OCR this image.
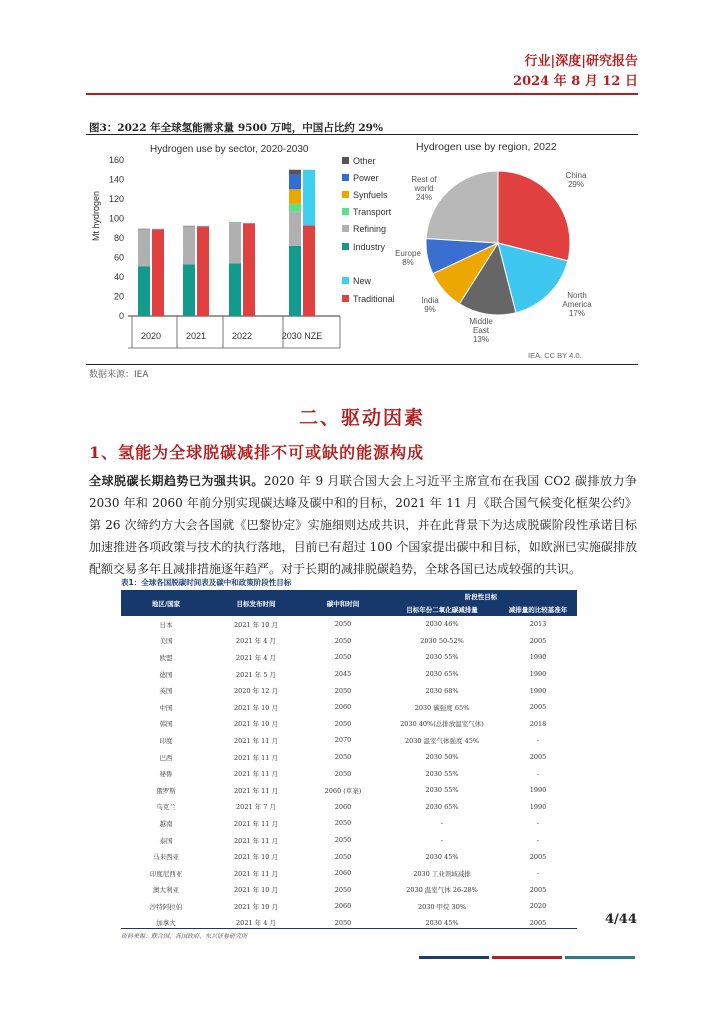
行业|深度|研究报告
2024 年 8 月 12 日
图3：2022 年全球氢能需求量 9500 万吨，中国占比约 29%
Hydrogen use by sector, 2020-2030
Mt hydrogen
0
20
40
60
80
100
120
140
160
2020	2021	2022	2030 NZE
Other
Power
Synfuels
Transport
Refining
Industry
New
Traditional
Hydrogen use by region, 2022
China
29%
North America
17%
Middle East
13%
India
9%
Europe
8%
Rest of world
24%
IEA. CC BY 4.0.
数据来源：IEA
二、驱动因素
1、氢能为全球脱碳减排不可或缺的能源构成
全球脱碳长期趋势已为强共识。2020 年 9 月联合国大会上习近平主席宣布在我国 CO2 碳排放力争 2030 年和 2060 年前分别实现碳达峰及碳中和的目标，2021 年 11 月《联合国气候变化框架公约》第 26 次缔约方大会各国就《巴黎协定》实施细则达成共识，并在此背景下为达成脱碳阶段性承诺目标加速推进各项政策与技术的执行落地，目前已有超过 100 个国家提出碳中和目标，如欧洲已实施碳排放配额交易多年且减排措施逐年趋严。对于长期的减排脱碳趋势，全球各国已达成较强的共识。
表1：全球各国脱碳时间表及碳中和政策阶段性目标
地区/国家	目标发布时间	碳中和时间	阶段性目标	
			目标年份二氧化碳减排量	减排量的比较基准年
日本	2021 年 10 月	2050	2030 46%	2013
美国	2021 年 4 月	2050	2030 50-52%	2005
欧盟	2021 年 4 月	2050	2030 55%	1990
德国	2021 年 5 月	2045	2030 65%	1990
英国	2020 年 12 月	2050	2030 68%	1990
中国	2021 年 10 月	2060	2030 碳强度 65%	2005
韩国	2021 年 10 月	2050	2030 40%(总排放温室气体)	2018
印度	2021 年 11 月	2070	2030 温室气体强度 45%	-
巴西	2021 年 11 月	2050	2030 50%	2005
秘鲁	2021 年 11 月	2050	2030 55%	-
俄罗斯	2021 年 11 月	2060 (草案)	2030 55%	1990
乌克兰	2021 年 7 月	2060	2030 65%	1990
越南	2021 年 11 月	2050	-	-
泰国	2021 年 11 月	2050	-	-
马来西亚	2021 年 10 月	2050	2030 45%	2005
印度尼西亚	2021 年 11 月	2060	2030 工业领域减排	-
澳大利亚	2021 年 10 月	2050	2030 温室气体 26-28%	2005
沙特阿拉伯	2021 年 10 月	2060	2030 甲烷 30%	2020
加拿大	2021 年 4 月	2050	2030 45%	2005
资料来源：联合国、各国政府、东兴证券研究所
4/44
